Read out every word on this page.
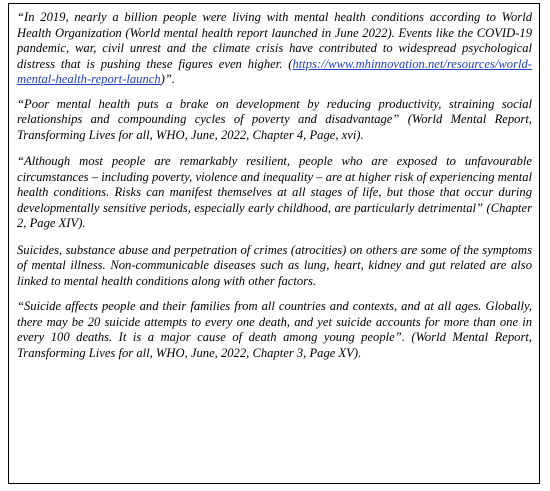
“In 2019, nearly a billion people were living with mental health conditions according to World Health Organization (World mental health report launched in June 2022). Events like the COVID-19 pandemic, war, civil unrest and the climate crisis have contributed to widespread psychological distress that is pushing these figures even higher. (https://www.mhinnovation.net/resources/world-mental-health-report-launch)”.

“Poor mental health puts a brake on development by reducing productivity, straining social relationships and compounding cycles of poverty and disadvantage” (World Mental Report, Transforming Lives for all, WHO, June, 2022, Chapter 4, Page, xvi).

“Although most people are remarkably resilient, people who are exposed to unfavourable circumstances – including poverty, violence and inequality – are at higher risk of experiencing mental health conditions. Risks can manifest themselves at all stages of life, but those that occur during developmentally sensitive periods, especially early childhood, are particularly detrimental” (Chapter 2, Page XIV).

Suicides, substance abuse and perpetration of crimes (atrocities) on others are some of the symptoms of mental illness. Non-communicable diseases such as lung, heart, kidney and gut related are also linked to mental health conditions along with other factors.

“Suicide affects people and their families from all countries and contexts, and at all ages. Globally, there may be 20 suicide attempts to every one death, and yet suicide accounts for more than one in every 100 deaths. It is a major cause of death among young people”. (World Mental Report, Transforming Lives for all, WHO, June, 2022, Chapter 3, Page XV).
